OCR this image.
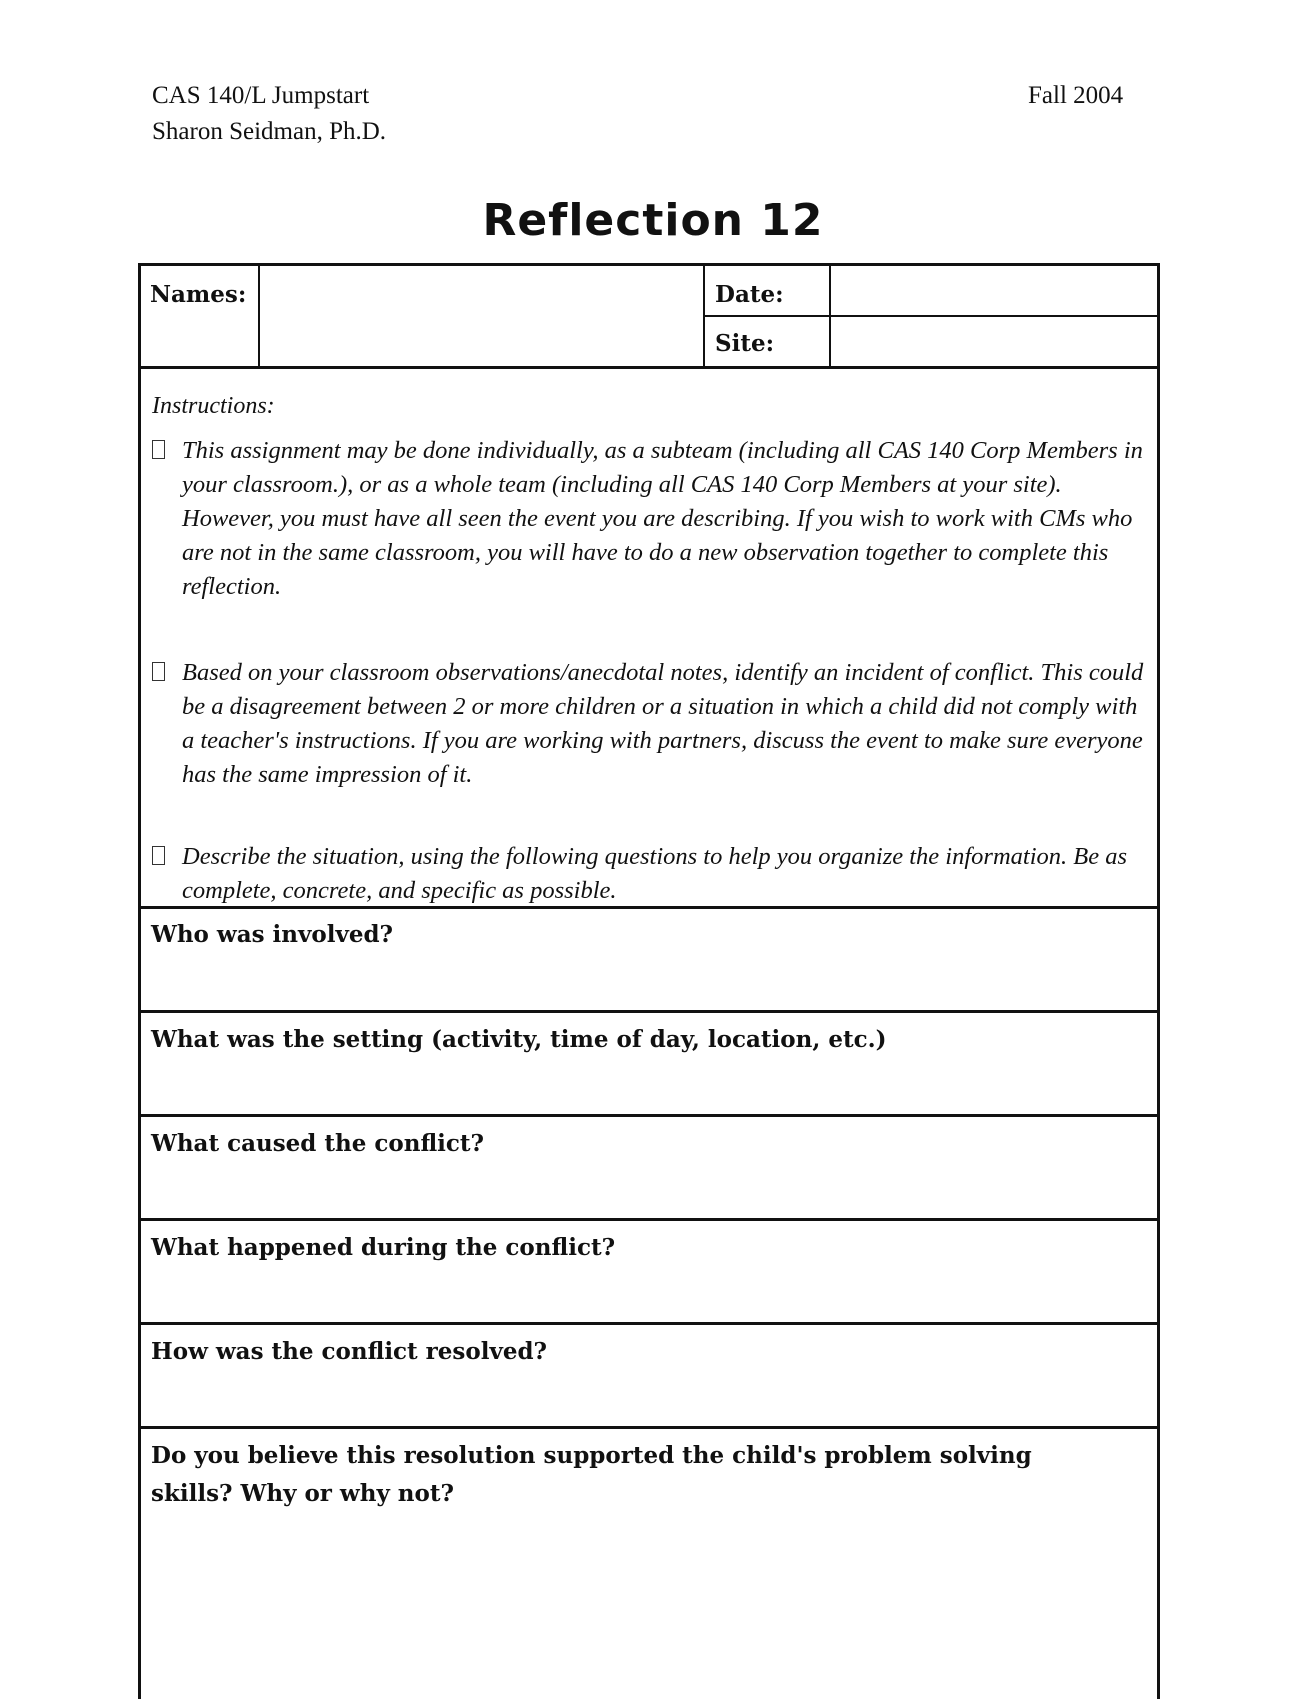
CAS 140/L Jumpstart
Sharon Seidman, Ph.D.
Fall 2004
Reflection 12
Names:	Date:
Site:
Instructions:
This assignment may be done individually, as a subteam (including all CAS 140 Corp Members in your classroom.), or as a whole team (including all CAS 140 Corp Members at your site). However, you must have all seen the event you are describing. If you wish to work with CMs who are not in the same classroom, you will have to do a new observation together to complete this reflection.
Based on your classroom observations/anecdotal notes, identify an incident of conflict. This could be a disagreement between 2 or more children or a situation in which a child did not comply with a teacher's instructions. If you are working with partners, discuss the event to make sure everyone has the same impression of it.
Describe the situation, using the following questions to help you organize the information. Be as complete, concrete, and specific as possible.
Who was involved?
What was the setting (activity, time of day, location, etc.)
What caused the conflict?
What happened during the conflict?
How was the conflict resolved?
Do you believe this resolution supported the child's problem solving skills? Why or why not?
